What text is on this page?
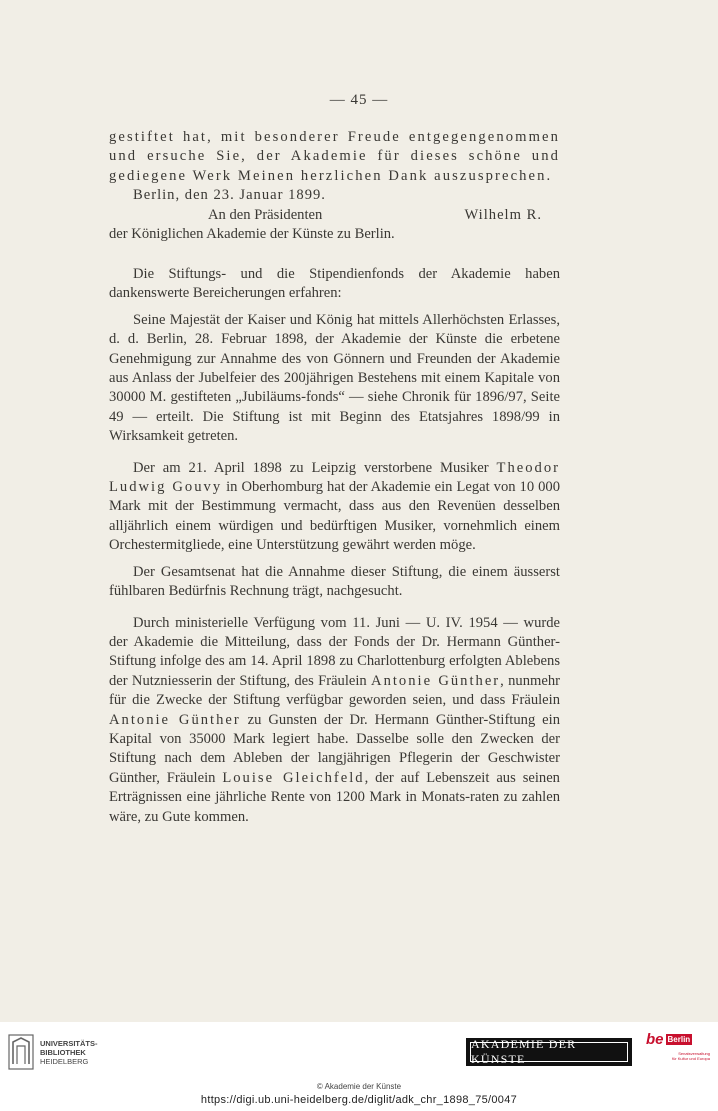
— 45 —

gestiftet hat, mit besonderer Freude entgegengenommen und ersuche Sie, der Akademie für dieses schöne und gediegene Werk Meinen herzlichen Dank auszusprechen.

Berlin, den 23. Januar 1899.

An den Präsidenten	Wilhelm R.

der Königlichen Akademie der Künste zu Berlin.

Die Stiftungs- und die Stipendienfonds der Akademie haben dankenswerte Bereicherungen erfahren:

Seine Majestät der Kaiser und König hat mittels Allerhöchsten Erlasses, d. d. Berlin, 28. Februar 1898, der Akademie der Künste die erbetene Genehmigung zur Annahme des von Gönnern und Freunden der Akademie aus Anlass der Jubelfeier des 200jährigen Bestehens mit einem Kapitale von 30000 M. gestifteten „Jubiläums-fonds“ — siehe Chronik für 1896/97, Seite 49 — erteilt. Die Stiftung ist mit Beginn des Etatsjahres 1898/99 in Wirksamkeit getreten.

Der am 21. April 1898 zu Leipzig verstorbene Musiker Theodor Ludwig Gouvy in Oberhomburg hat der Akademie ein Legat von 10 000 Mark mit der Bestimmung vermacht, dass aus den Revenüen desselben alljährlich einem würdigen und bedürftigen Musiker, vornehmlich einem Orchestermitgliede, eine Unterstützung gewährt werden möge.

Der Gesamtsenat hat die Annahme dieser Stiftung, die einem äusserst fühlbaren Bedürfnis Rechnung trägt, nachgesucht.

Durch ministerielle Verfügung vom 11. Juni — U. IV. 1954 — wurde der Akademie die Mitteilung, dass der Fonds der Dr. Hermann Günther-Stiftung infolge des am 14. April 1898 zu Charlottenburg erfolgten Ablebens der Nutzniesserin der Stiftung, des Fräulein Antonie Günther, nunmehr für die Zwecke der Stiftung verfügbar geworden seien, und dass Fräulein Antonie Günther zu Gunsten der Dr. Hermann Günther-Stiftung ein Kapital von 35000 Mark legiert habe. Dasselbe solle den Zwecken der Stiftung nach dem Ableben der langjährigen Pflegerin der Geschwister Günther, Fräulein Louise Gleichfeld, der auf Lebenszeit aus seinen Erträgnissen eine jährliche Rente von 1200 Mark in Monats-raten zu zahlen wäre, zu Gute kommen.

UNIVERSITÄTS-
BIBLIOTHEK
HEIDELBERG
AKADEMIE DER KÜNSTE
be Berlin
Senatsverwaltung
für Kultur und Europa
© Akademie der Künste
https://digi.ub.uni-heidelberg.de/diglit/adk_chr_1898_75/0047
